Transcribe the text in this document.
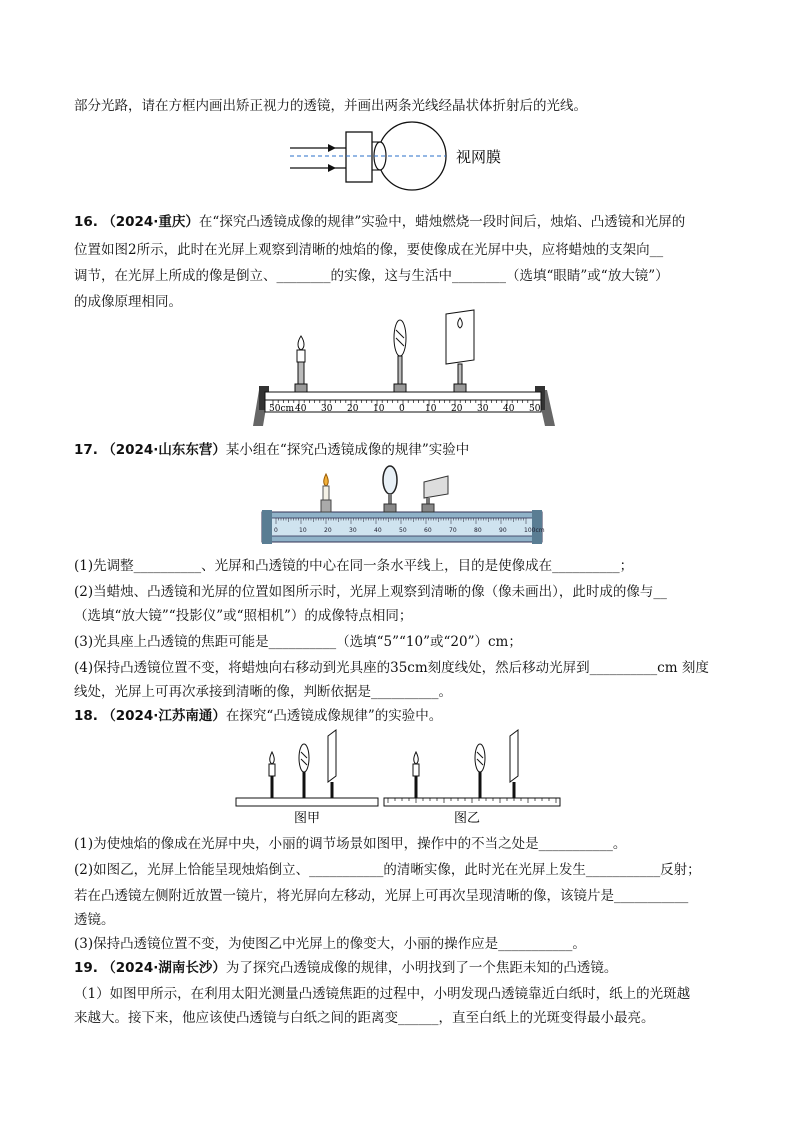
部分光路，请在方框内画出矫正视力的透镜，并画出两条光线经晶状体折射后的光线。
视网膜
16. （2024·重庆）在“探究凸透镜成像的规律”实验中，蜡烛燃烧一段时间后，烛焰、凸透镜和光屏的
位置如图2所示，此时在光屏上观察到清晰的烛焰的像，要使像成在光屏中央，应将蜡烛的支架向__
调节，在光屏上所成的像是倒立、________的实像，这与生活中________（选填“眼睛”或“放大镜”）
的成像原理相同。
50cm 40 30 20 10 0 10 20 30 40 50
17. （2024·山东东营）某小组在“探究凸透镜成像的规律”实验中
0	10	20	30	40	50	60	70	80	90	100cm
(1)先调整__________、光屏和凸透镜的中心在同一条水平线上，目的是使像成在__________；
(2)当蜡烛、凸透镜和光屏的位置如图所示时，光屏上观察到清晰的像（像未画出），此时成的像与__
（选填“放大镜”“投影仪”或“照相机”）的成像特点相同；
(3)光具座上凸透镜的焦距可能是__________（选填“5”“10”或“20”）cm；
(4)保持凸透镜位置不变，将蜡烛向右移动到光具座的35cm刻度线处，然后移动光屏到__________cm 刻度
线处，光屏上可再次承接到清晰的像，判断依据是__________。
18. （2024·江苏南通）在探究“凸透镜成像规律”的实验中。
图甲	图乙
(1)为使烛焰的像成在光屏中央，小丽的调节场景如图甲，操作中的不当之处是___________。
(2)如图乙，光屏上恰能呈现烛焰倒立、___________的清晰实像，此时光在光屏上发生___________反射；
若在凸透镜左侧附近放置一镜片，将光屏向左移动，光屏上可再次呈现清晰的像，该镜片是___________
透镜。
(3)保持凸透镜位置不变，为使图乙中光屏上的像变大，小丽的操作应是___________。
19. （2024·湖南长沙）为了探究凸透镜成像的规律，小明找到了一个焦距未知的凸透镜。
（1）如图甲所示，在利用太阳光测量凸透镜焦距的过程中，小明发现凸透镜靠近白纸时，纸上的光斑越
来越大。接下来，他应该使凸透镜与白纸之间的距离变______，直至白纸上的光斑变得最小最亮。
